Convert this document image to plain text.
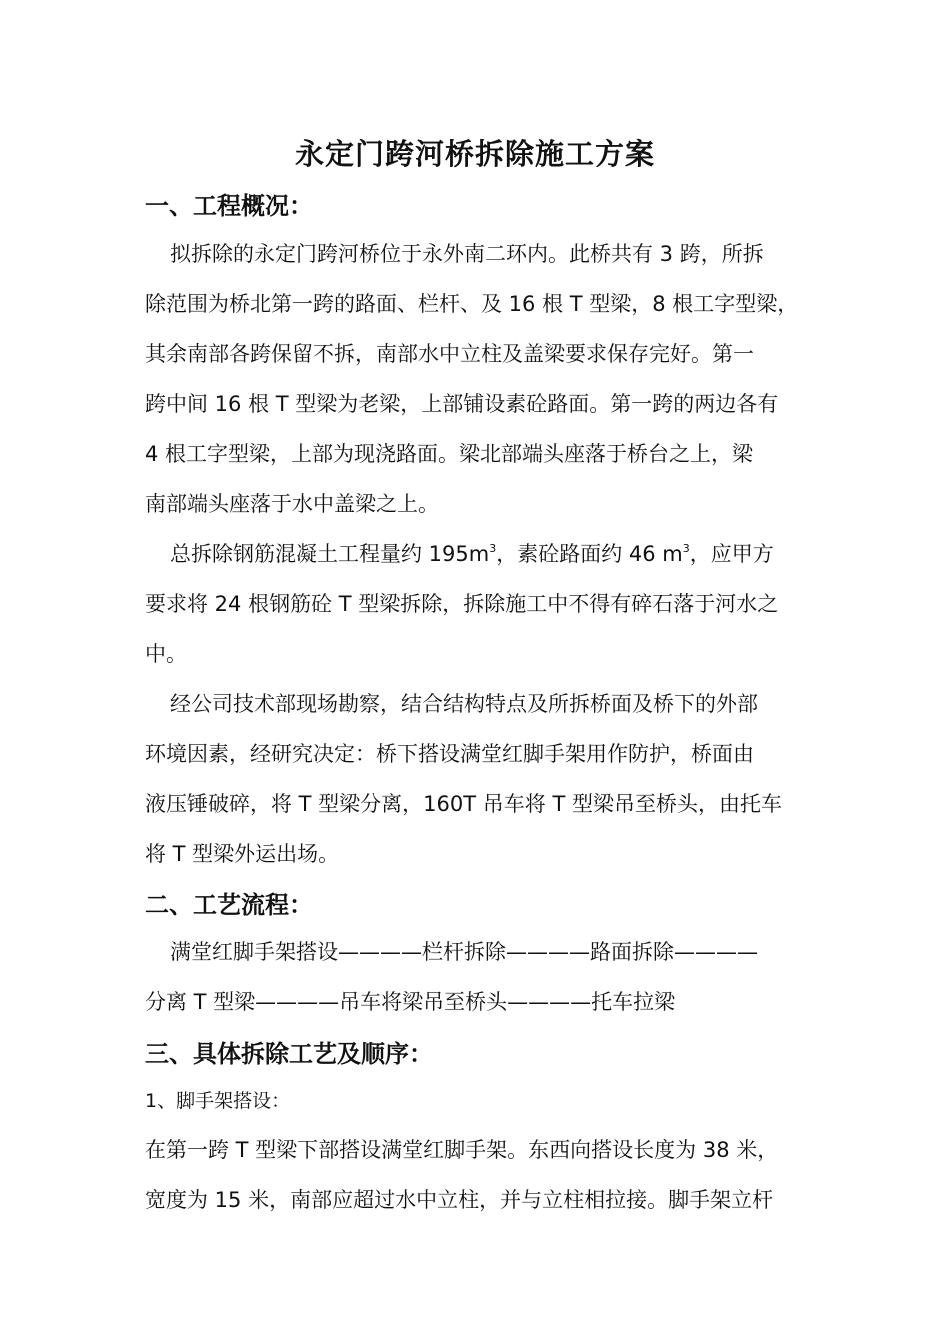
永定门跨河桥拆除施工方案
一、工程概况：
拟拆除的永定门跨河桥位于永外南二环内。此桥共有 3 跨，所拆
除范围为桥北第一跨的路面、栏杆、及 16 根 T 型梁，8 根工字型梁，
其余南部各跨保留不拆，南部水中立柱及盖梁要求保存完好。第一
跨中间 16 根 T 型梁为老梁，上部铺设素砼路面。第一跨的两边各有
4 根工字型梁，上部为现浇路面。梁北部端头座落于桥台之上，梁
南部端头座落于水中盖梁之上。
总拆除钢筋混凝土工程量约 $195m^3$，素砼路面约 46 $m^3$，应甲方
要求将 24 根钢筋砼 T 型梁拆除，拆除施工中不得有碎石落于河水之
中。
经公司技术部现场勘察，结合结构特点及所拆桥面及桥下的外部
环境因素，经研究决定：桥下搭设满堂红脚手架用作防护，桥面由
液压锤破碎，将 T 型梁分离，160T 吊车将 T 型梁吊至桥头，由托车
将 T 型梁外运出场。
二、工艺流程：
满堂红脚手架搭设————栏杆拆除————路面拆除————
分离 T 型梁————吊车将梁吊至桥头————托车拉梁
三、具体拆除工艺及顺序：
1、脚手架搭设：
在第一跨 T 型梁下部搭设满堂红脚手架。东西向搭设长度为 38 米，
宽度为 15 米，南部应超过水中立柱，并与立柱相拉接。脚手架立杆
